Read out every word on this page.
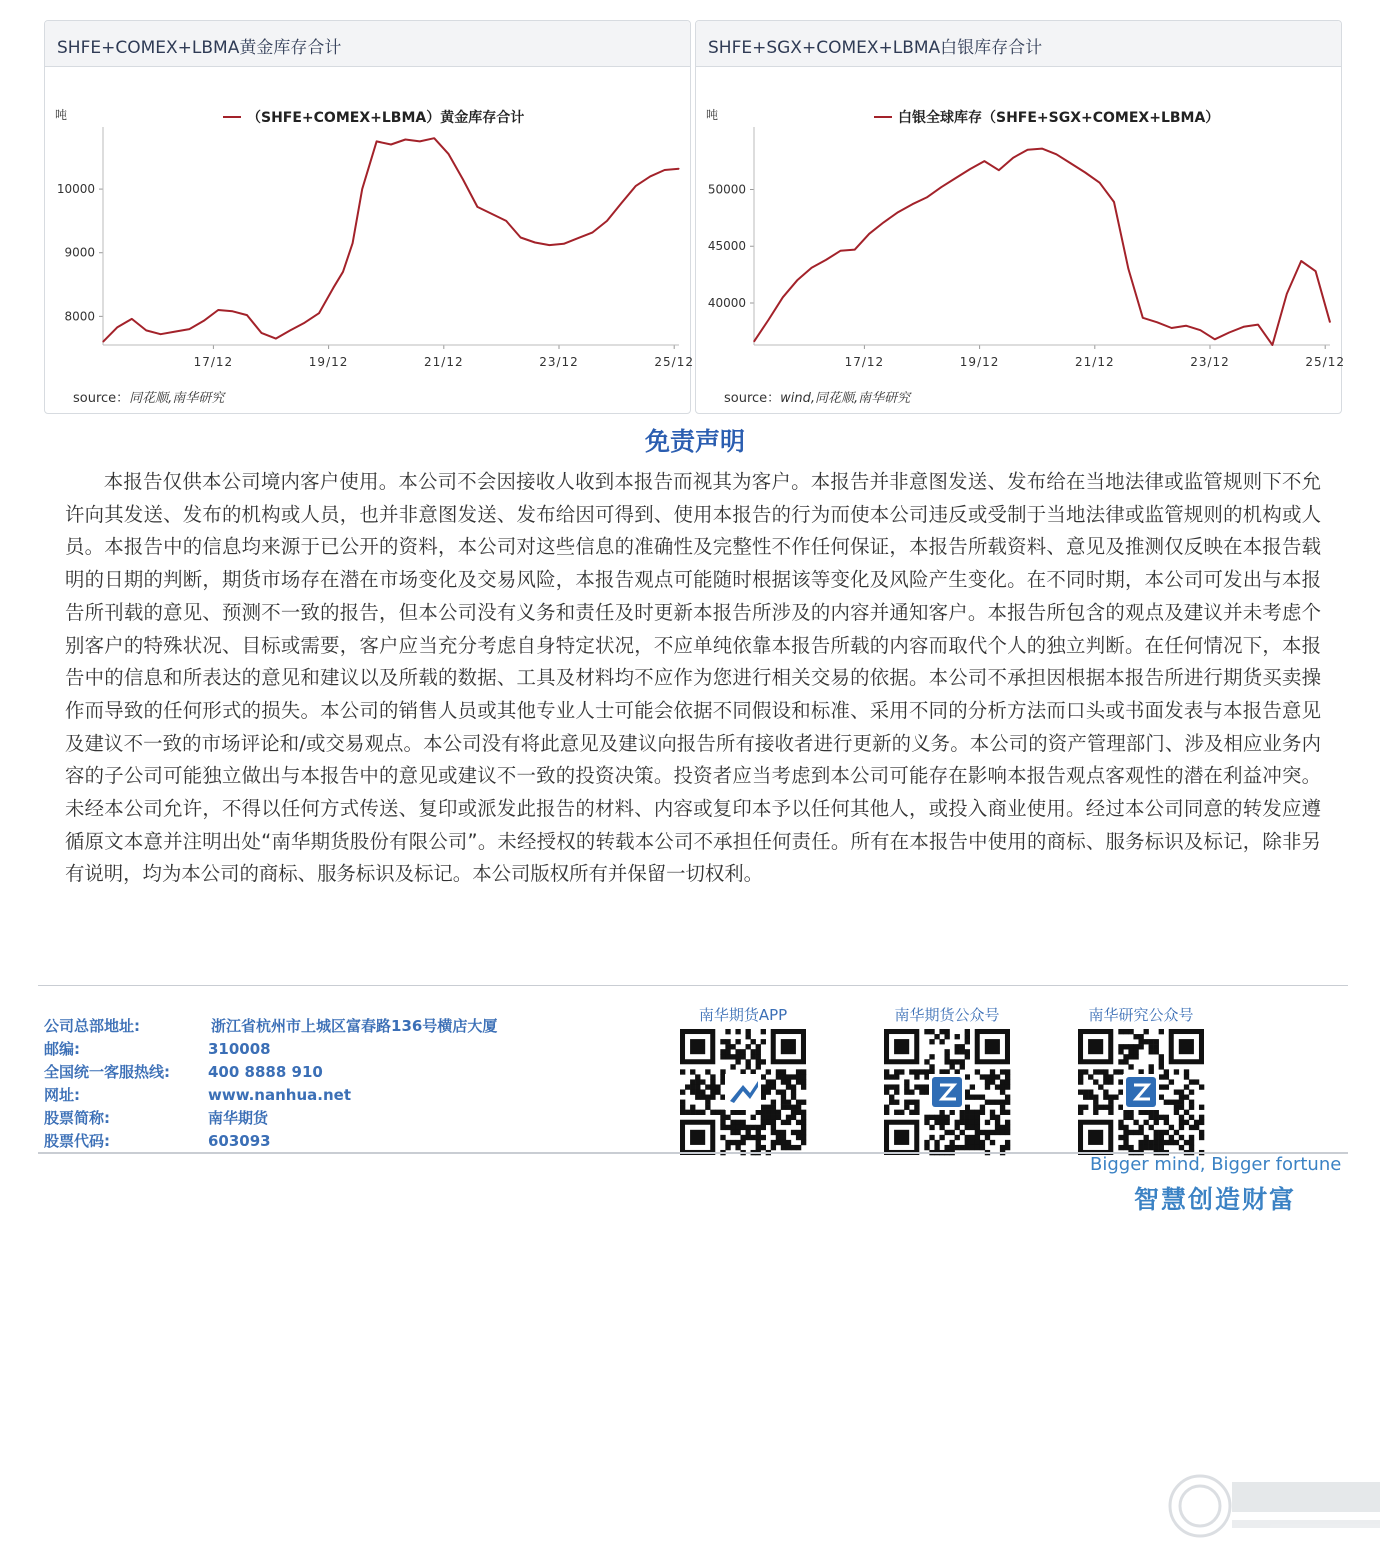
SHFE+COMEX+LBMA黄金库存合计
吨	（SHFE+COMEX+LBMA）黄金库存合计
8000
9000
10000
17/12	19/12	21/12	23/12	25/12
source：同花顺,南华研究
SHFE+SGX+COMEX+LBMA白银库存合计
吨	白银全球库存（SHFE+SGX+COMEX+LBMA）
40000
45000
50000
17/12	19/12	21/12	23/12	25/12
source：wind,同花顺,南华研究
免责声明
本报告仅供本公司境内客户使用。本公司不会因接收人收到本报告而视其为客户。本报告并非意图发送、发布给在当地法律或监管规则下不允许向其发送、发布的机构或人员，也并非意图发送、发布给因可得到、使用本报告的行为而使本公司违反或受制于当地法律或监管规则的机构或人员。本报告中的信息均来源于已公开的资料，本公司对这些信息的准确性及完整性不作任何保证，本报告所载资料、意见及推测仅反映在本报告载明的日期的判断，期货市场存在潜在市场变化及交易风险，本报告观点可能随时根据该等变化及风险产生变化。在不同时期，本公司可发出与本报告所刊载的意见、预测不一致的报告，但本公司没有义务和责任及时更新本报告所涉及的内容并通知客户。本报告所包含的观点及建议并未考虑个别客户的特殊状况、目标或需要，客户应当充分考虑自身特定状况，不应单纯依靠本报告所载的内容而取代个人的独立判断。在任何情况下，本报告中的信息和所表达的意见和建议以及所载的数据、工具及材料均不应作为您进行相关交易的依据。本公司不承担因根据本报告所进行期货买卖操作而导致的任何形式的损失。本公司的销售人员或其他专业人士可能会依据不同假设和标准、采用不同的分析方法而口头或书面发表与本报告意见及建议不一致的市场评论和/或交易观点。本公司没有将此意见及建议向报告所有接收者进行更新的义务。本公司的资产管理部门、涉及相应业务内容的子公司可能独立做出与本报告中的意见或建议不一致的投资决策。投资者应当考虑到本公司可能存在影响本报告观点客观性的潜在利益冲突。未经本公司允许，不得以任何方式传送、复印或派发此报告的材料、内容或复印本予以任何其他人，或投入商业使用。经过本公司同意的转发应遵循原文本意并注明出处“南华期货股份有限公司”。未经授权的转载本公司不承担任何责任。所有在本报告中使用的商标、服务标识及标记，除非另有说明，均为本公司的商标、服务标识及标记。本公司版权所有并保留一切权利。
公司总部地址:	浙江省杭州市上城区富春路136号横店大厦
邮编:	310008
全国统一客服热线:	400 8888 910
网址:	www.nanhua.net
股票简称:	南华期货
股票代码:	603093
南华期货APP	南华期货公众号	南华研究公众号
Bigger mind, Bigger fortune
智慧创造财富
